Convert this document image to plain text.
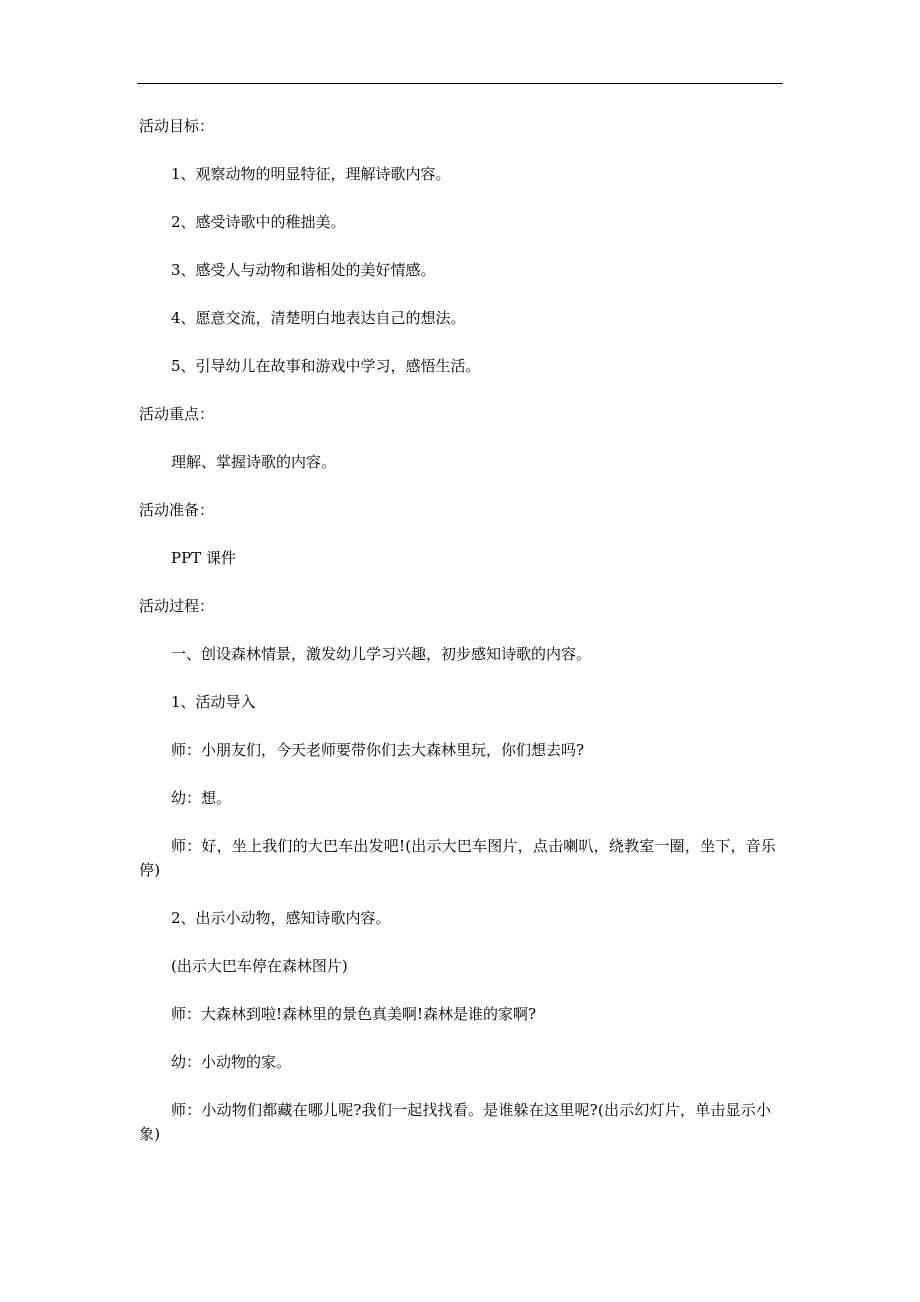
活动目标：
1、观察动物的明显特征，理解诗歌内容。
2、感受诗歌中的稚拙美。
3、感受人与动物和谐相处的美好情感。
4、愿意交流，清楚明白地表达自己的想法。
5、引导幼儿在故事和游戏中学习，感悟生活。
活动重点：
理解、掌握诗歌的内容。
活动准备：
PPT 课件
活动过程：
一、创设森林情景，激发幼儿学习兴趣，初步感知诗歌的内容。
1、活动导入
师：小朋友们，今天老师要带你们去大森林里玩，你们想去吗?
幼：想。
师：好，坐上我们的大巴车出发吧!(出示大巴车图片，点击喇叭，绕教室一圈，坐下，音乐停)
2、出示小动物，感知诗歌内容。
(出示大巴车停在森林图片)
师：大森林到啦!森林里的景色真美啊!森林是谁的家啊?
幼：小动物的家。
师：小动物们都藏在哪儿呢?我们一起找找看。是谁躲在这里呢?(出示幻灯片，单击显示小象)
